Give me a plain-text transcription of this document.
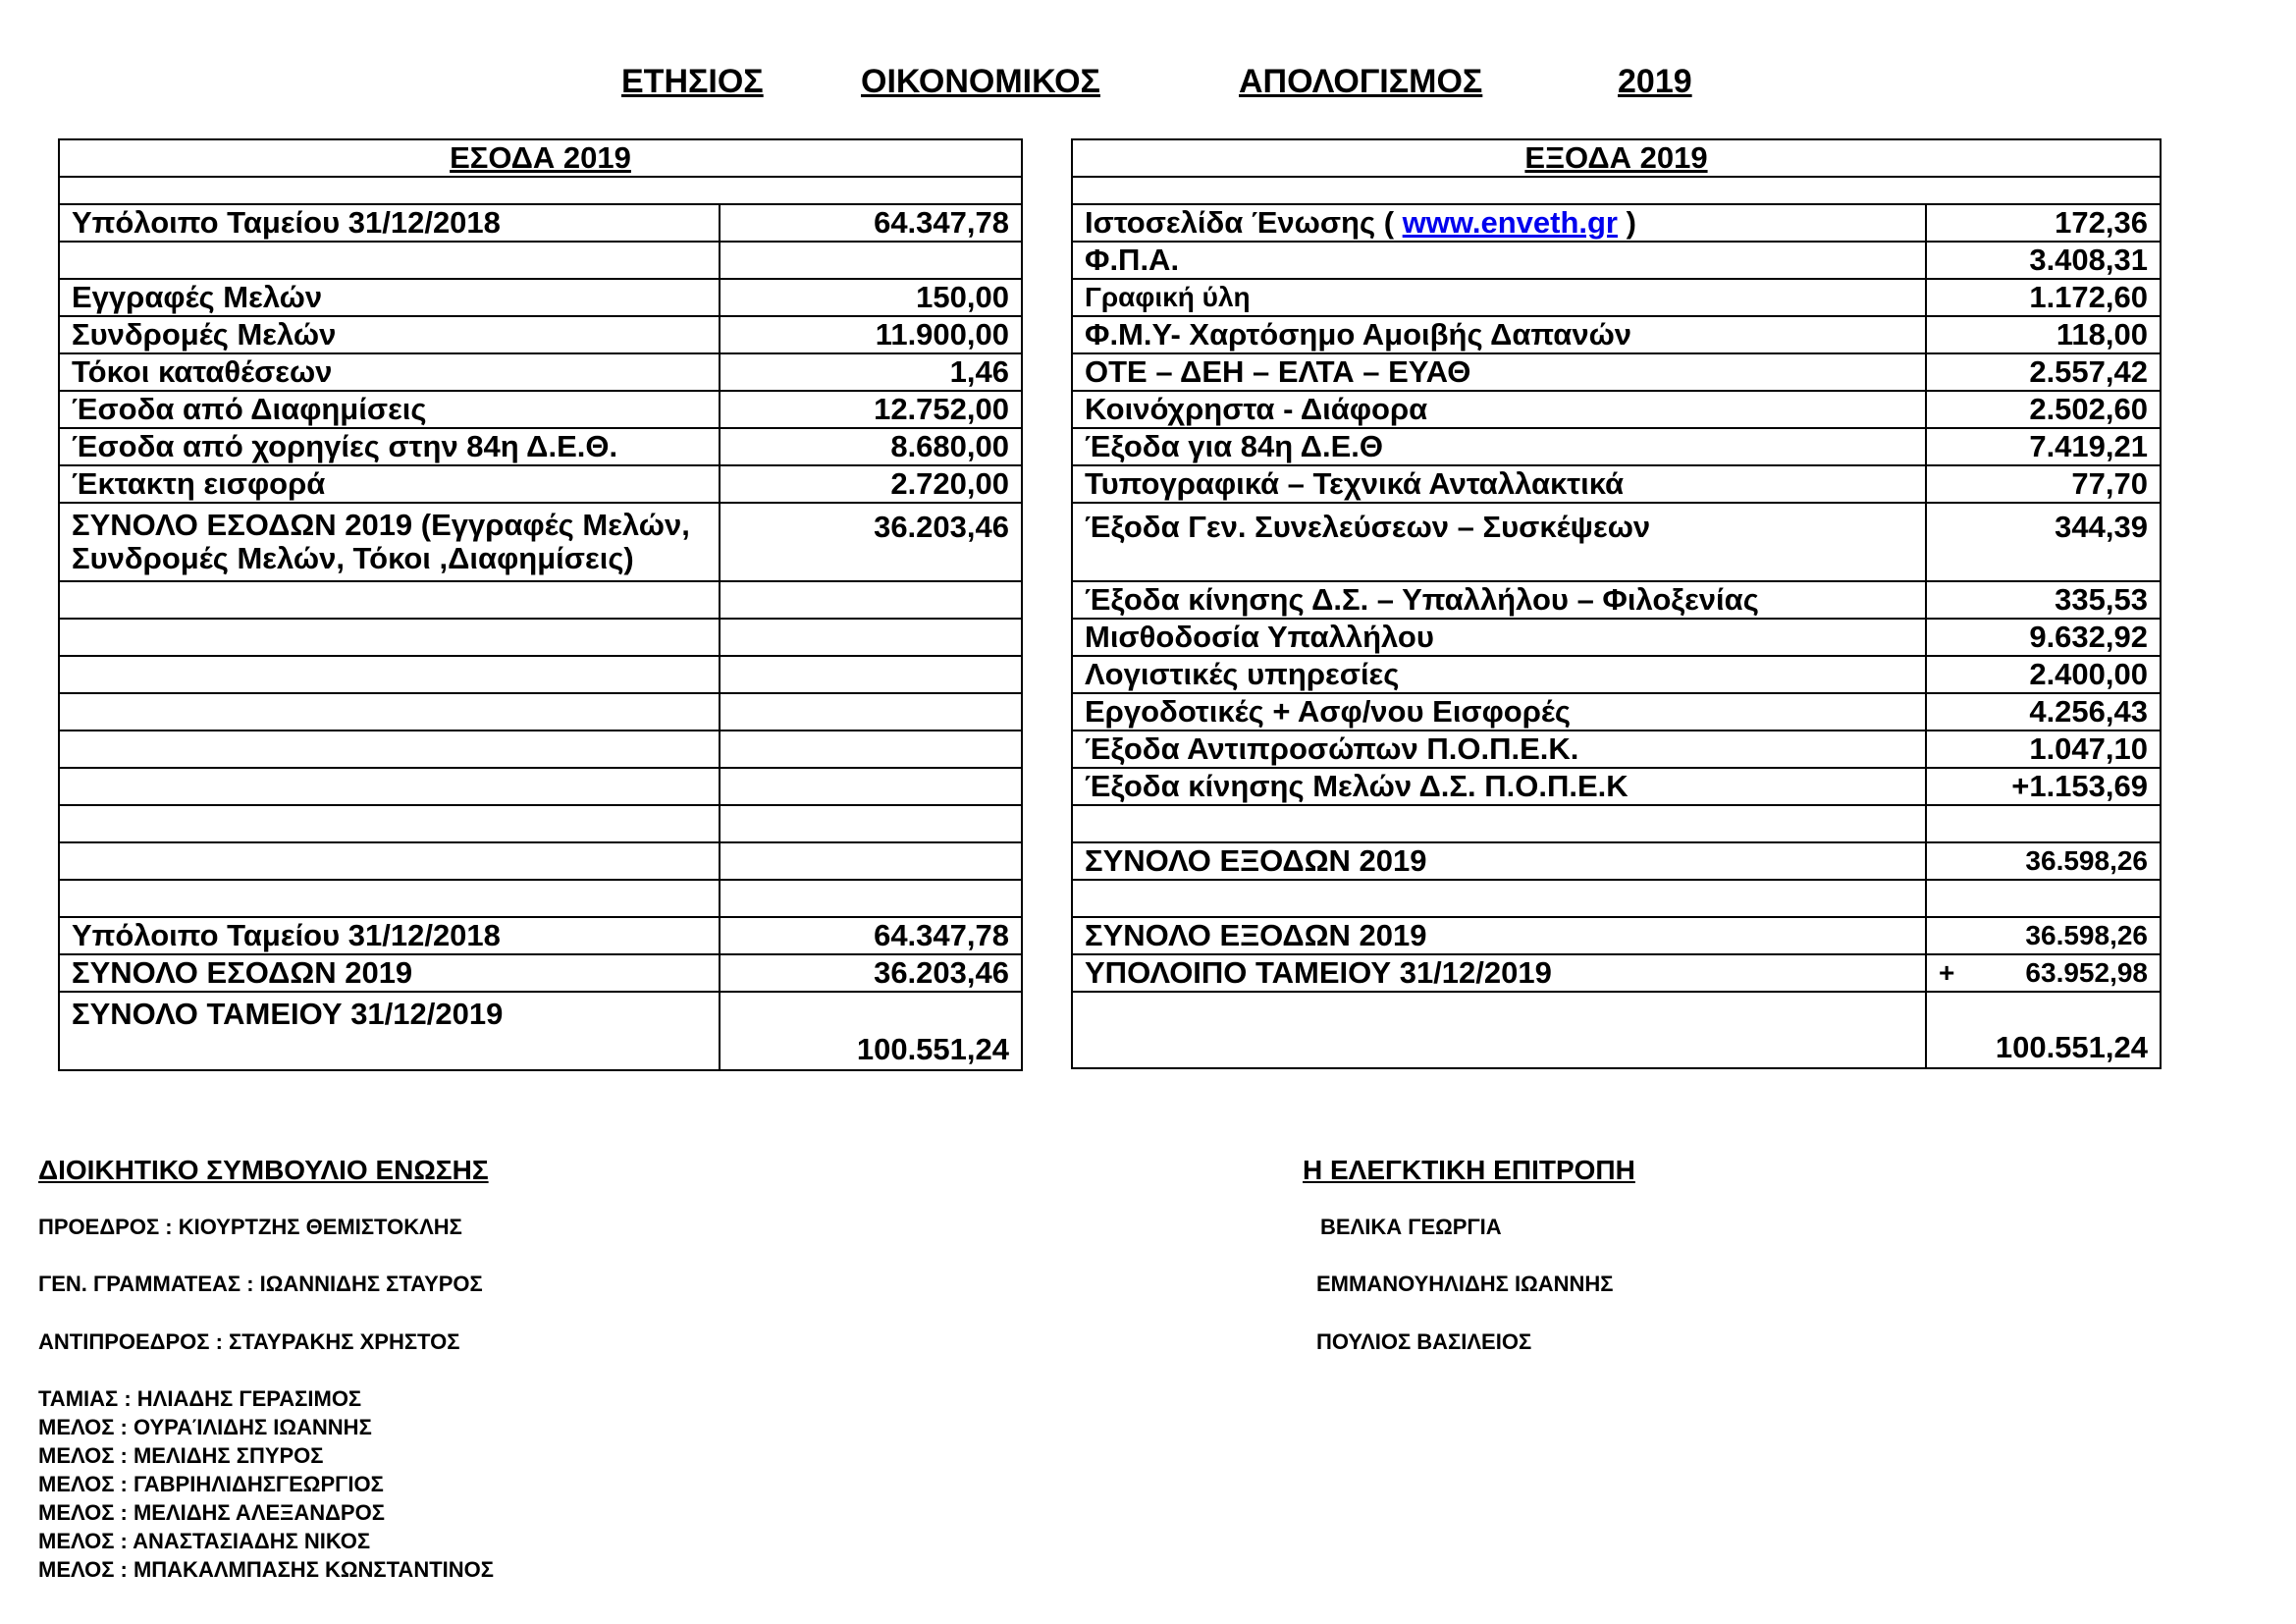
ΕΤΗΣΙΟΣ	ΟΙΚΟΝΟΜΙΚΟΣ	ΑΠΟΛΟΓΙΣΜΟΣ	2019
ΕΣΟΔΑ 2019	

Υπόλοιπο Ταμείου 31/12/2018	64.347,78

Εγγραφές Μελών	150,00
Συνδρομές Μελών	11.900,00
Τόκοι καταθέσεων	1,46
Έσοδα από Διαφημίσεις	12.752,00
Έσοδα από χορηγίες στην 84η Δ.Ε.Θ.	8.680,00
Έκτακτη εισφορά	2.720,00
ΣΥΝΟΛΟ ΕΣΟΔΩΝ 2019 (Εγγραφές Μελών,
Συνδρομές Μελών, Τόκοι ,Διαφημίσεις)	36.203,46

Υπόλοιπο Ταμείου 31/12/2018	64.347,78
ΣΥΝΟΛΟ ΕΣΟΔΩΝ 2019	36.203,46
ΣΥΝΟΛΟ ΤΑΜΕΙΟΥ 31/12/2019	100.551,24
ΕΞΟΔΑ 2019	

Ιστοσελίδα Ένωσης ( www.enveth.gr )	172,36
Φ.Π.Α.	3.408,31
Γραφική ύλη	1.172,60
Φ.Μ.Υ- Χαρτόσημο Αμοιβής Δαπανών	118,00
ΟΤΕ – ΔΕΗ – ΕΛΤΑ – ΕΥΑΘ	2.557,42
Κοινόχρηστα - Διάφορα	2.502,60
Έξοδα για 84η Δ.Ε.Θ	7.419,21
Τυπογραφικά – Τεχνικά Ανταλλακτικά	77,70
Έξοδα Γεν. Συνελεύσεων – Συσκέψεων	344,39
Έξοδα κίνησης Δ.Σ. – Υπαλλήλου – Φιλοξενίας	335,53
Μισθοδοσία Υπαλλήλου	9.632,92
Λογιστικές υπηρεσίες	2.400,00
Εργοδοτικές + Ασφ/νου Εισφορές	4.256,43
Έξοδα Αντιπροσώπων Π.Ο.Π.Ε.Κ.	1.047,10
Έξοδα κίνησης Μελών Δ.Σ. Π.Ο.Π.Ε.Κ	+1.153,69

ΣΥΝΟΛΟ ΕΞΟΔΩΝ 2019	36.598,26

ΣΥΝΟΛΟ ΕΞΟΔΩΝ 2019	36.598,26
ΥΠΟΛΟΙΠΟ ΤΑΜΕΙΟΥ 31/12/2019	+ 63.952,98
	100.551,24
ΔΙΟΙΚΗΤΙΚΟ ΣΥΜΒΟΥΛΙΟ ΕΝΩΣΗΣ
ΠΡΟΕΔΡΟΣ : ΚΙΟΥΡΤΖΗΣ ΘΕΜΙΣΤΟΚΛΗΣ
ΓΕΝ. ΓΡΑΜΜΑΤΕΑΣ : ΙΩΑΝΝΙΔΗΣ ΣΤΑΥΡΟΣ
ΑΝΤΙΠΡΟΕΔΡΟΣ : ΣΤΑΥΡΑΚΗΣ ΧΡΗΣΤΟΣ
ΤΑΜΙΑΣ : ΗΛΙΑΔΗΣ ΓΕΡΑΣΙΜΟΣ
ΜΕΛΟΣ : ΟΥΡΑΊΛΙΔΗΣ ΙΩΑΝΝΗΣ
ΜΕΛΟΣ : ΜΕΛΙΔΗΣ ΣΠΥΡΟΣ
ΜΕΛΟΣ : ΓΑΒΡΙΗΛΙΔΗΣΓΕΩΡΓΙΟΣ
ΜΕΛΟΣ : ΜΕΛΙΔΗΣ ΑΛΕΞΑΝΔΡΟΣ
ΜΕΛΟΣ : ΑΝΑΣΤΑΣΙΑΔΗΣ ΝΙΚΟΣ
ΜΕΛΟΣ : ΜΠΑΚΑΛΜΠΑΣΗΣ ΚΩΝΣΤΑΝΤΙΝΟΣ
Η ΕΛΕΓΚΤΙΚΗ ΕΠΙΤΡΟΠΗ
ΒΕΛΙΚΑ ΓΕΩΡΓΙΑ
ΕΜΜΑΝΟΥΗΛΙΔΗΣ ΙΩΑΝΝΗΣ
ΠΟΥΛΙΟΣ ΒΑΣΙΛΕΙΟΣ
